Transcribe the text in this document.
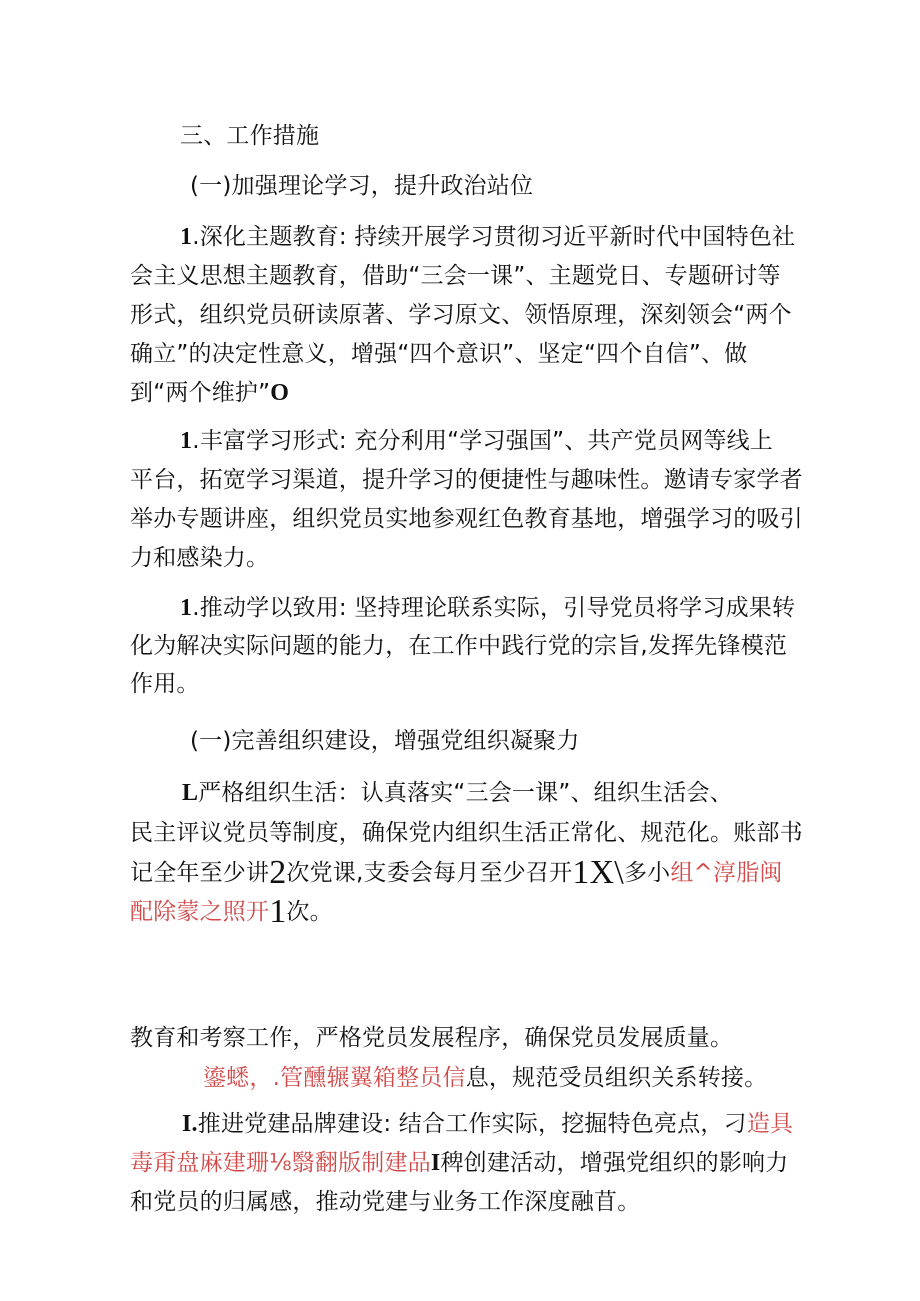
三、工作措施
(一)加强理论学习，提升政治站位
1.深化主题教育: 持续开展学习贯彻习近平新时代中国特色社
会主义思想主题教育，借助“三会一课”、主题党日、专题研讨等
形式，组织党员研读原著、学习原文、领悟原理，深刻领会“两个
确立”的决定性意义，增强“四个意识”、坚定“四个自信”、做
到“两个维护”O
1.丰富学习形式: 充分利用“学习强国”、共产党员网等线上
平台，拓宽学习渠道，提升学习的便捷性与趣味性。邀请专家学者
举办专题讲座，组织党员实地参观红色教育基地，增强学习的吸引
力和感染力。
1.推动学以致用: 坚持理论联系实际，引导党员将学习成果转
化为解决实际问题的能力，在工作中践行党的宗旨,发挥先锋模范
作用。
(一)完善组织建设，增强党组织凝聚力
L严格组织生活：认真落实“三会一课”、组织生活会、
民主评议党员等制度，确保党内组织生活正常化、规范化。账部书
记全年至少讲2次党课,支委会每月至少召开1X\多小组^淳脂闽
配除蒙之照开1次。
教育和考察工作，严格党员发展程序，确保党员发展质量。
鎏蟋，.管醺辗翼箱整员信息，规范受员组织关系转接。
I.推进党建品牌建设: 结合工作实际，挖掘特色亮点，刁造具
毒甭盘麻建珊⅛翳翻版制建品I稗创建活动，增强党组织的影响力
和党员的归属感，推动党建与业务工作深度融苜。
